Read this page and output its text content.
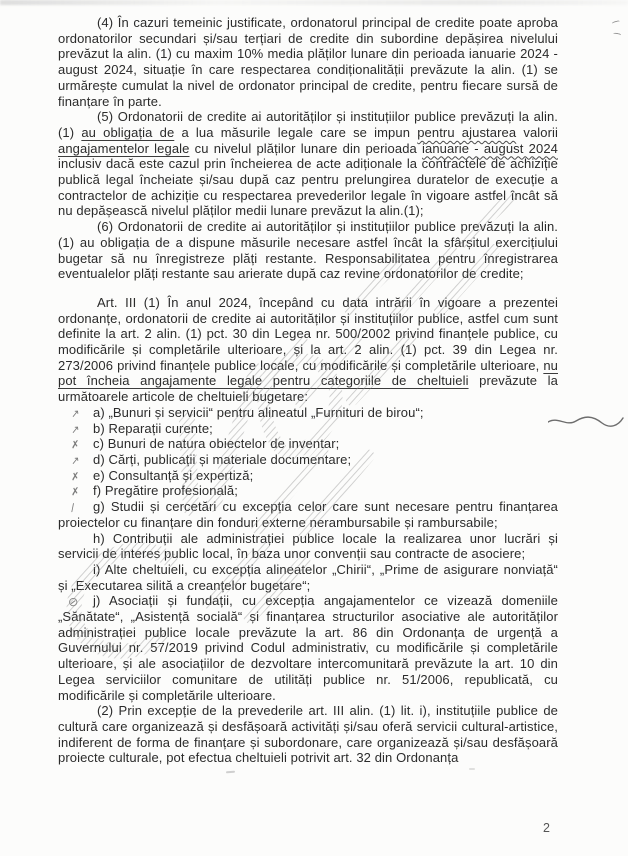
(4) În cazuri temeinic justificate, ordonatorul principal de credite poate aproba ordonatorilor secundari și/sau terțiari de credite din subordine depășirea nivelului prevăzut la alin. (1) cu maxim 10% media plăților lunare din perioada ianuarie 2024 - august 2024, situație în care respectarea condiționalității prevăzute la alin. (1) se urmărește cumulat la nivel de ordonator principal de credite, pentru fiecare sursă de finanțare în parte.

(5) Ordonatorii de credite ai autorităților și instituțiilor publice prevăzuți la alin.(1) au obligația de a lua măsurile legale care se impun pentru ajustarea valorii angajamentelor legale cu nivelul plăților lunare din perioada ianuarie - august 2024 inclusiv dacă este cazul prin încheierea de acte adiționale la contractele de achiziție publică legal încheiate și/sau după caz pentru prelungirea duratelor de execuție a contractelor de achiziție cu respectarea prevederilor legale în vigoare astfel încât să nu depășească nivelul plăților medii lunare prevăzut la alin.(1);

(6) Ordonatorii de credite ai autorităților și instituțiilor publice prevăzuți la alin.(1) au obligația de a dispune măsurile necesare astfel încât la sfârșitul exercițiului bugetar să nu înregistreze plăți restante. Responsabilitatea pentru înregistrarea eventualelor plăți restante sau arierate după caz revine ordonatorilor de credite;

Art. III (1) În anul 2024, începând cu data intrării în vigoare a prezentei ordonanțe, ordonatorii de credite ai autorităților și instituțiilor publice, astfel cum sunt definite la art. 2 alin. (1) pct. 30 din Legea nr. 500/2002 privind finanțele publice, cu modificările și completările ulterioare, și la art. 2 alin. (1) pct. 39 din Legea nr. 273/2006 privind finanțele publice locale, cu modificările și completările ulterioare, nu pot încheia angajamente legale pentru categoriile de cheltuieli prevăzute la următoarele articole de cheltuieli bugetare:

↗ a) „Bunuri și servicii“ pentru alineatul „Furnituri de birou“;

↗ b) Reparații curente;

✗ c) Bunuri de natura obiectelor de inventar;

↗ d) Cărți, publicații și materiale documentare;

✗ e) Consultanță și expertiză;

✗ f) Pregătire profesională;

∕ g) Studii și cercetări cu excepția celor care sunt necesare pentru finanțarea proiectelor cu finanțare din fonduri externe nerambursabile și rambursabile;

h) Contribuții ale administrației publice locale la realizarea unor lucrări și servicii de interes public local, în baza unor convenții sau contracte de asociere;

i) Alte cheltuieli, cu excepția alineatelor „Chirii“, „Prime de asigurare nonviață“ și „Executarea silită a creanțelor bugetare“;

⊘ j) Asociații și fundații, cu excepția angajamentelor ce vizează domeniile „Sănătate“, „Asistență socială“ și finanțarea structurilor asociative ale autorităților administrației publice locale prevăzute la art. 86 din Ordonanța de urgență a Guvernului nr. 57/2019 privind Codul administrativ, cu modificările și completările ulterioare, și ale asociațiilor de dezvoltare intercomunitară prevăzute la art. 10 din Legea serviciilor comunitare de utilități publice nr. 51/2006, republicată, cu modificările și completările ulterioare.

(2) Prin excepție de la prevederile art. III alin. (1) lit. i), instituțiile publice de cultură care organizează și desfășoară activități și/sau oferă servicii cultural-artistice, indiferent de forma de finanțare și subordonare, care organizează și/sau desfășoară proiecte culturale, pot efectua cheltuieli potrivit art. 32 din Ordonanța

2
